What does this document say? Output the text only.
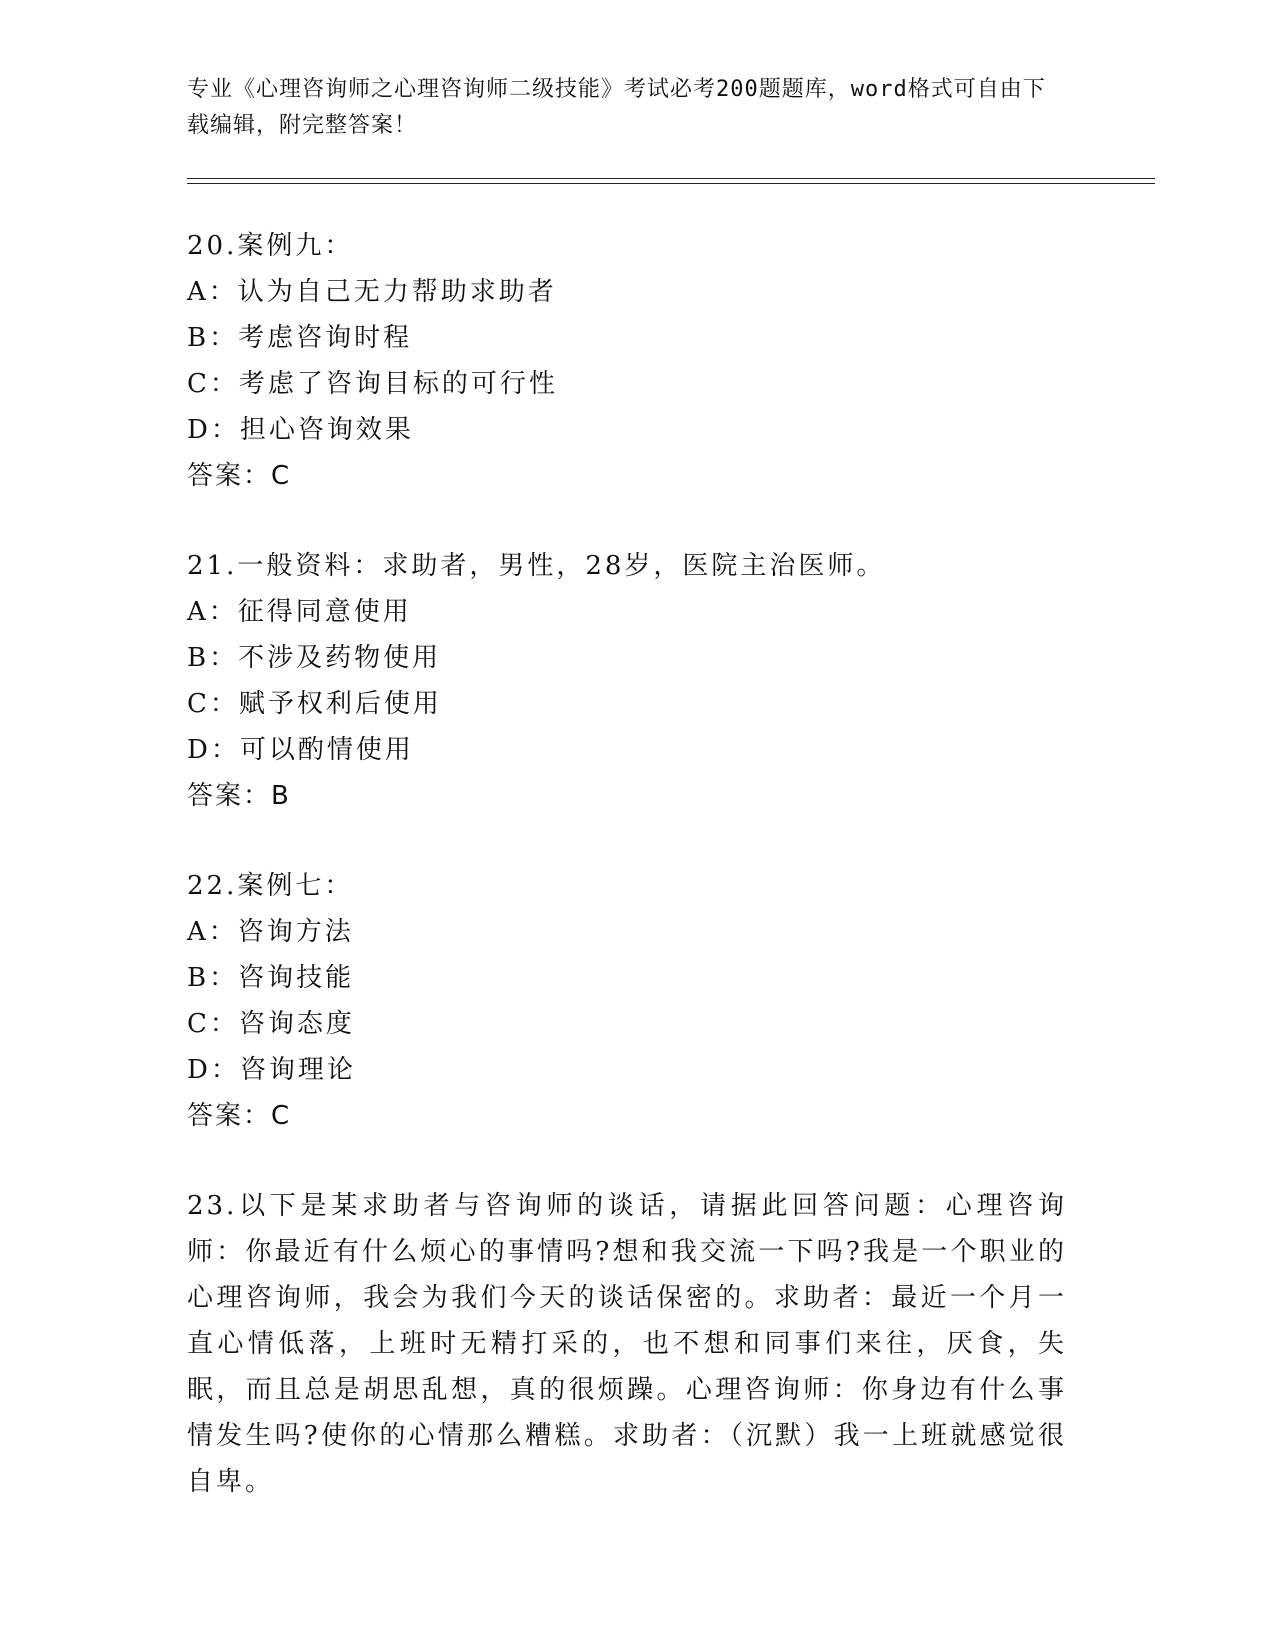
专业《心理咨询师之心理咨询师二级技能》考试必考200题题库，word格式可自由下载编辑，附完整答案！
20.案例九：
A：认为自己无力帮助求助者
B：考虑咨询时程
C：考虑了咨询目标的可行性
D：担心咨询效果
答案：C
21.一般资料：求助者，男性，28岁，医院主治医师。
A：征得同意使用
B：不涉及药物使用
C：赋予权利后使用
D：可以酌情使用
答案：B
22.案例七：
A：咨询方法
B：咨询技能
C：咨询态度
D：咨询理论
答案：C
23.以下是某求助者与咨询师的谈话，请据此回答问题：心理咨询师：你最近有什么烦心的事情吗?想和我交流一下吗?我是一个职业的心理咨询师，我会为我们今天的谈话保密的。求助者：最近一个月一直心情低落，上班时无精打采的，也不想和同事们来往，厌食，失眠，而且总是胡思乱想，真的很烦躁。心理咨询师：你身边有什么事情发生吗?使你的心情那么糟糕。求助者：（沉默）我一上班就感觉很自卑。
